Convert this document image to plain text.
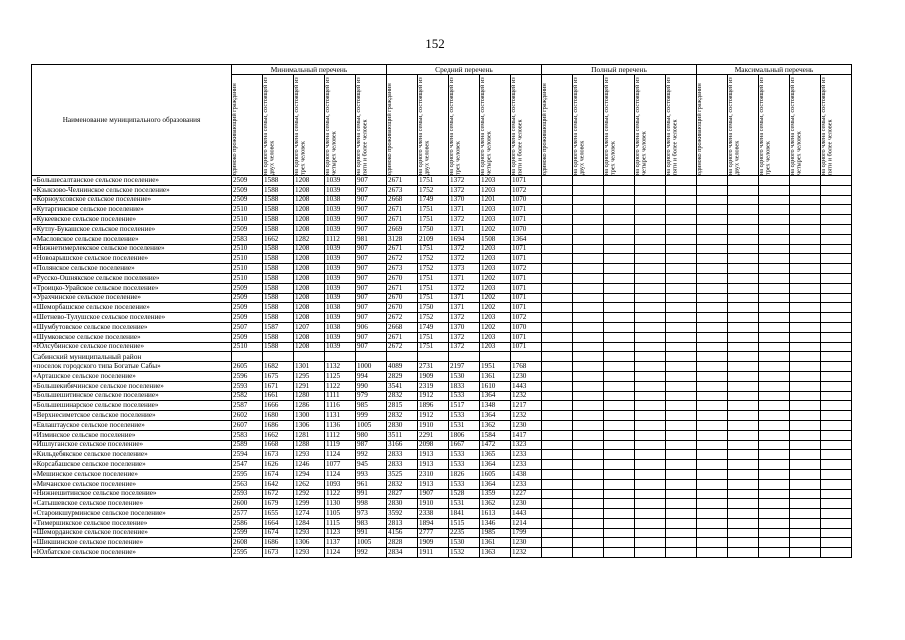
152
Наименование муниципального образования	Минимальный перечень					Средний перечень					Полный перечень					Максимальный перечень				

	одиноко проживающий гражданин	на одного члена семьи, состоящей из двух человек	на одного члена семьи, состоящей из трех человек	на одного члена семьи, состоящей из четырех человек	на одного члена семьи, состоящей из пяти и более человек	одиноко проживающий гражданин	на одного члена семьи, состоящей из двух человек	на одного члена семьи, состоящей из трех человек	на одного члена семьи, состоящей из четырех человек	на одного члена семьи, состоящей из пяти и более человек	одиноко проживающий гражданин	на одного члена семьи, состоящей из двух человек	на одного члена семьи, состоящей из трех человек	на одного члена семьи, состоящей из четырех человек	на одного члена семьи, состоящей из пяти и более человек	одиноко проживающий гражданин	на одного члена семьи, состоящей из двух человек	на одного члена семьи, состоящей из трех человек	на одного члена семьи, состоящей из четырех человек	на одного члена семьи, состоящей из пяти и более человек

«Большесалтанское сельское поселение»	2509	1588	1208	1039	907	2671	1751	1372	1203	1071										
«Кзыкзово-Челнинское сельское поселение»	2509	1588	1208	1039	907	2673	1752	1372	1203	1072										
«Корноухсовское сельское поселение»	2509	1588	1208	1038	907	2668	1749	1370	1201	1070										
«Кутаргинское сельское поселение»	2510	1588	1208	1039	907	2671	1751	1371	1203	1071										
«Кукеевское сельское поселение»	2510	1588	1208	1039	907	2671	1751	1372	1203	1071										
«Кутлу-Букашское сельское поселение»	2509	1588	1208	1039	907	2669	1750	1371	1202	1070										
«Масловское сельское поселение»	2583	1662	1282	1112	981	3128	2109	1694	1508	1364										
«Нижнетимерлекское сельское поселение»	2510	1588	1208	1039	907	2671	1751	1372	1203	1071										
«Новоарышское сельское поселение»	2510	1588	1208	1039	907	2672	1752	1372	1203	1071										
«Полянское сельское поселение»	2510	1588	1208	1039	907	2673	1752	1373	1203	1072										
«Русско-Ошнякское сельское поселение»	2510	1588	1208	1039	907	2670	1751	1371	1202	1071										
«Троицко-Урайское сельское поселение»	2509	1588	1208	1039	907	2671	1751	1372	1203	1071										
«Урахчинское сельское поселение»	2509	1588	1208	1039	907	2670	1751	1371	1202	1071										
«Шеморбашское сельское поселение»	2509	1588	1208	1038	907	2670	1750	1371	1202	1071										
«Шетнево-Тулушское сельское поселение»	2509	1588	1208	1039	907	2672	1752	1372	1203	1072										
«Шумбутовское сельское поселение»	2507	1587	1207	1038	906	2668	1749	1370	1202	1070										
«Шумковское сельское поселение»	2509	1588	1208	1039	907	2671	1751	1372	1203	1071										
«Юлсубинское сельское поселение»	2510	1588	1208	1039	907	2672	1751	1372	1203	1071										
Сабинский муниципальный район																				
«поселок городского типа Богатые Сабы»	2605	1682	1301	1132	1000	4089	2731	2197	1951	1768										
«Арташское сельское поселение»	2596	1675	1295	1125	994	2829	1909	1530	1361	1230										
«Большекибячинское сельское поселение»	2593	1671	1291	1122	990	3541	2319	1833	1610	1443										
«Большешитинское сельское поселение»	2582	1661	1280	1111	979	2832	1912	1533	1364	1232										
«Большешинарское сельское поселение»	2587	1666	1286	1116	985	2815	1896	1517	1348	1217										
«Верхнесиметское сельское поселение»	2602	1680	1300	1131	999	2832	1912	1533	1364	1232										
«Евлаштауское сельское поселение»	2607	1686	1306	1136	1005	2830	1910	1531	1362	1230										
«Изминское сельское поселение»	2583	1662	1281	1112	980	3511	2291	1806	1584	1417										
«Ишлуганское сельское поселение»	2589	1668	1288	1119	987	3166	2098	1667	1472	1323										
«Кильдебякское сельское поселение»	2594	1673	1293	1124	992	2833	1913	1533	1365	1233										
«Корсабашское сельское поселение»	2547	1626	1246	1077	945	2833	1913	1533	1364	1233										
«Мешинское сельское поселение»	2595	1674	1294	1124	993	3525	2310	1826	1605	1438										
«Мичанское сельское поселение»	2563	1642	1262	1093	961	2832	1913	1533	1364	1233										
«Нижнешитинское сельское поселение»	2593	1672	1292	1122	991	2827	1907	1528	1359	1227										
«Сатышевское сельское поселение»	2600	1679	1299	1130	998	2830	1910	1531	1362	1230										
«Староикшурминское сельское поселение»	2577	1655	1274	1105	973	3592	2338	1841	1613	1443										
«Тимершикское сельское поселение»	2586	1664	1284	1115	983	2813	1894	1515	1346	1214										
«Шеморданское сельское поселение»	2599	1674	1293	1123	991	4156	2777	2235	1985	1799										
«Шикшинское сельское поселение»	2608	1686	1306	1137	1005	2828	1909	1530	1361	1230										
«Юлбатское сельское поселение»	2595	1673	1293	1124	992	2834	1911	1532	1363	1232										
